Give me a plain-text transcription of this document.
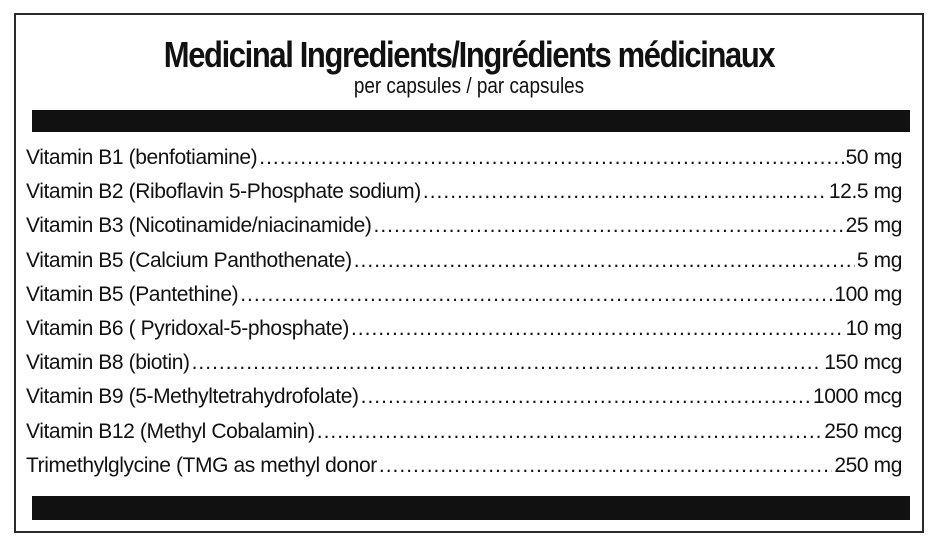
Medicinal Ingredients/Ingrédients médicinaux
per capsules / par capsules
Vitamin B1 (benfotiamine) .....	50 mg
Vitamin B2 (Riboflavin 5-Phosphate sodium) .....	12.5 mg
Vitamin B3 (Nicotinamide/niacinamide) .....	25 mg
Vitamin B5 (Calcium Panthothenate) .....	5 mg
Vitamin B5 (Pantethine) .....	100 mg
Vitamin B6 ( Pyridoxal-5-phosphate) .....	10 mg
Vitamin B8 (biotin) .....	150 mcg
Vitamin B9 (5-Methyltetrahydrofolate) .....	1000 mcg
Vitamin B12 (Methyl Cobalamin) .....	250 mcg
Trimethylglycine (TMG as methyl donor .....	250 mg
